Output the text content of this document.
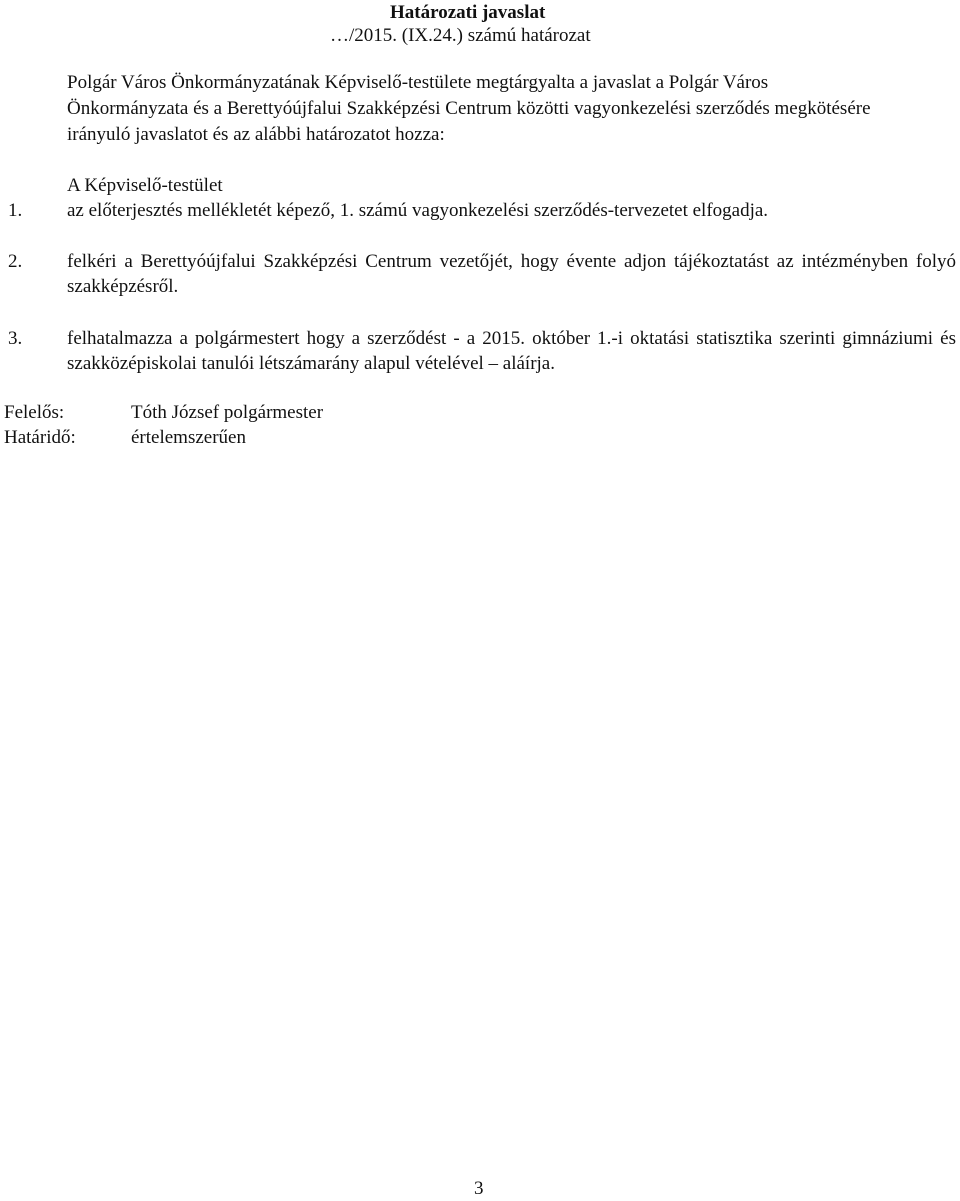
Határozati javaslat
…/2015. (IX.24.) számú határozat
Polgár Város Önkormányzatának Képviselő-testülete megtárgyalta a javaslat a Polgár Város Önkormányzata és a Berettyóújfalui Szakképzési Centrum közötti vagyonkezelési szerződés megkötésére irányuló javaslatot és az alábbi határozatot hozza:
A Képviselő-testület
1. az előterjesztés mellékletét képező, 1. számú vagyonkezelési szerződés-tervezetet elfogadja.
2. felkéri a Berettyóújfalui Szakképzési Centrum vezetőjét, hogy évente adjon tájékoztatást az intézményben folyó szakképzésről.
3. felhatalmazza a polgármestert hogy a szerződést - a 2015. október 1.-i oktatási statisztika szerinti gimnáziumi és szakközépiskolai tanulói létszámarány alapul vételével – aláírja.
Felelős:	Tóth József polgármester
Határidő:	értelemszerűen
3
